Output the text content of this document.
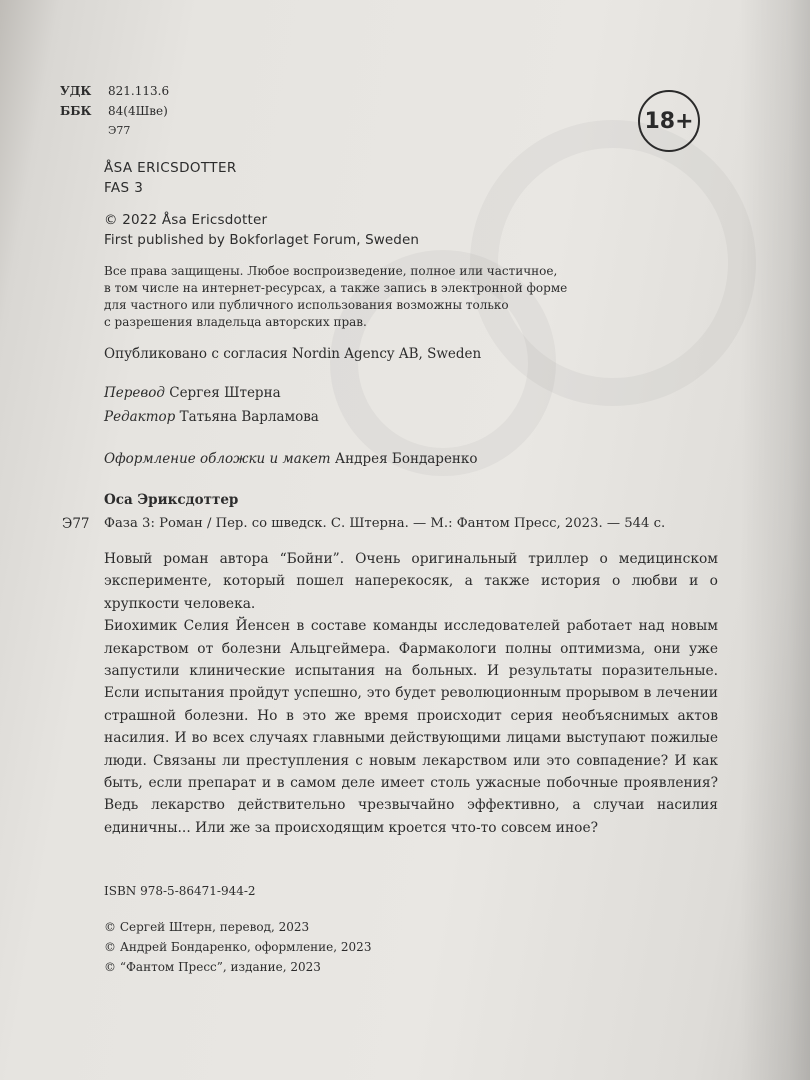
УДК 821.113.6
ББК 84(4Шве)
Э77	18+
ÅSA ERICSDOTTER
FAS 3
© 2022 Åsa Ericsdotter
First published by Bokforlaget Forum, Sweden
Все права защищены. Любое воспроизведение, полное или частичное,
в том числе на интернет-ресурсах, а также запись в электронной форме
для частного или публичного использования возможны только
с разрешения владельца авторских прав.
Опубликовано с согласия Nordin Agency AB, Sweden
Перевод Сергея Штерна
Редактор Татьяна Варламова
Оформление обложки и макет Андрея Бондаренко
Оса Эриксдоттер
Э77 Фаза 3: Роман / Пер. со шведск. С. Штерна. — М.: Фантом Пресс, 2023. — 544 с.

Новый роман автора “Бойни”. Очень оригинальный триллер о медицинском эксперименте, который пошел наперекосяк, а также история о любви и о хрупкости человека.

Биохимик Селия Йенсен в составе команды исследователей работает над новым лекарством от болезни Альцгеймера. Фармакологи полны оптимизма, они уже запустили клинические испытания на больных. И результаты поразительные. Если испытания пройдут успешно, это будет революционным прорывом в лечении страшной болезни. Но в это же время происходит серия необъяснимых актов насилия. И во всех случаях главными действующими лицами выступают пожилые люди. Связаны ли преступления с новым лекарством или это совпадение? И как быть, если препарат и в самом деле имеет столь ужасные побочные проявления? Ведь лекарство действительно чрезвычайно эффективно, а случаи насилия единичны... Или же за происходящим кроется что-то совсем иное?

ISBN 978-5-86471-944-2
© Сергей Штерн, перевод, 2023
© Андрей Бондаренко, оформление, 2023
© “Фантом Пресс”, издание, 2023
